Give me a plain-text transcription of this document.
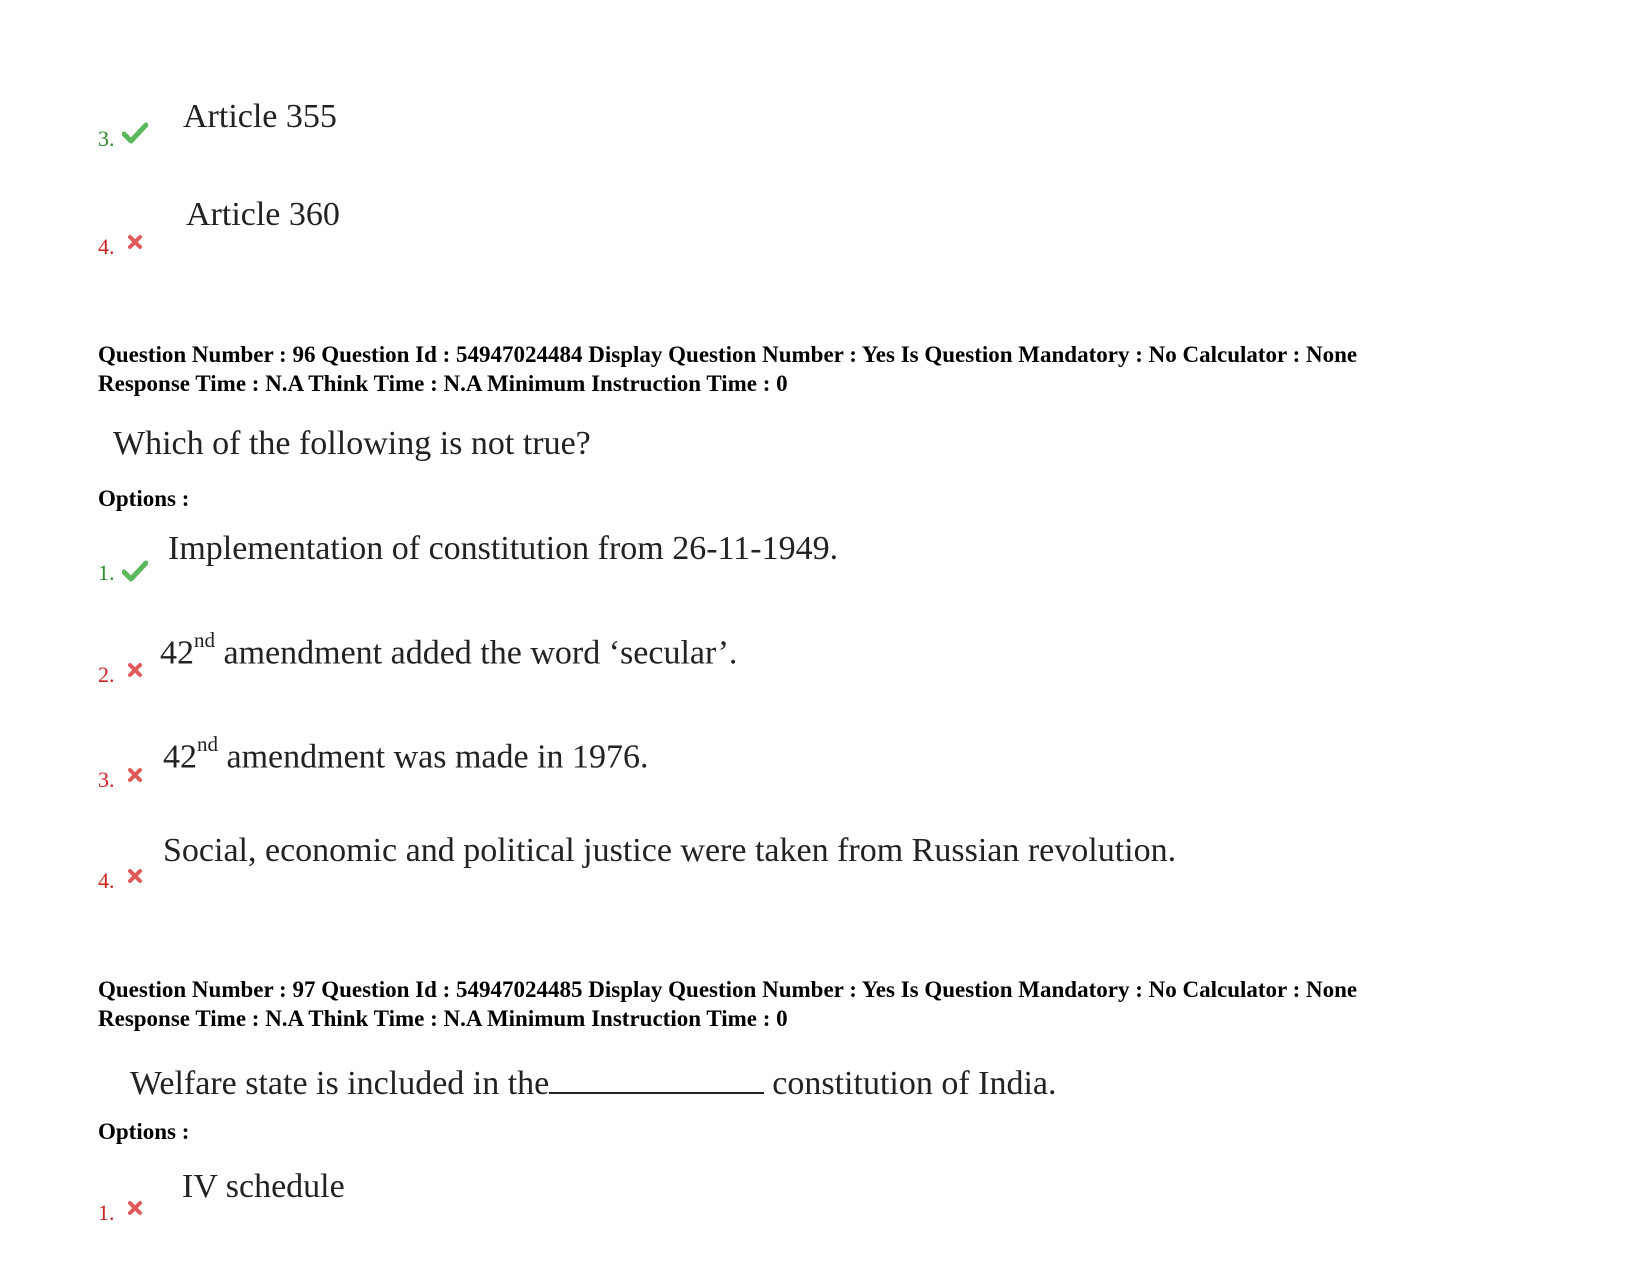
3.
Article 355
4.
Article 360
Question Number : 96 Question Id : 54947024484 Display Question Number : Yes Is Question Mandatory : No Calculator : None
Response Time : N.A Think Time : N.A Minimum Instruction Time : 0
Which of the following is not true?
Options :
1.
Implementation of constitution from 26-11-1949.
2.
42nd amendment added the word ‘secular’.
3.
42nd amendment was made in 1976.
4.
Social, economic and political justice were taken from Russian revolution.
Question Number : 97 Question Id : 54947024485 Display Question Number : Yes Is Question Mandatory : No Calculator : None
Response Time : N.A Think Time : N.A Minimum Instruction Time : 0
Welfare state is included in the	constitution of India.
Options :
1.
IV schedule
